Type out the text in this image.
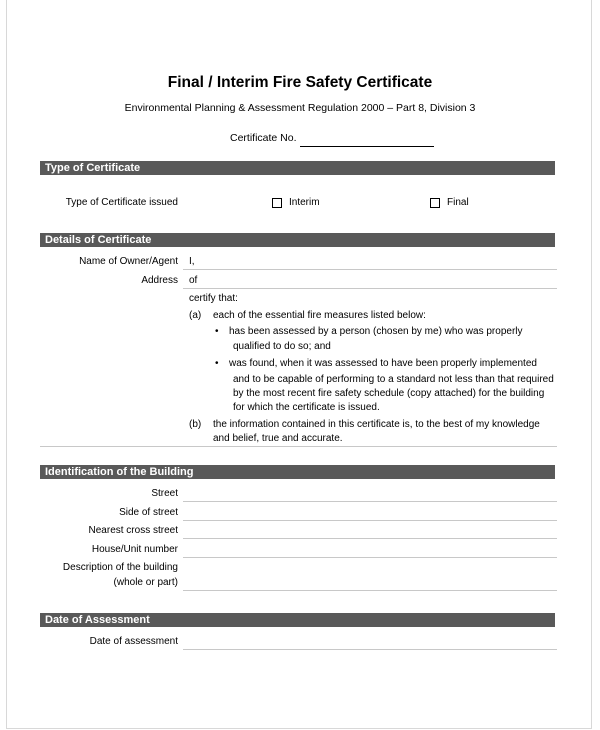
Final / Interim Fire Safety Certificate
Environmental Planning & Assessment Regulation 2000 – Part 8, Division 3
Certificate No.
Type of Certificate
Type of Certificate issued	Interim	Final
Details of Certificate
Name of Owner/Agent I,
Address of
certify that:
(a) each of the essential fire measures listed below:
• has been assessed by a person (chosen by me) who was properly
qualified to do so; and
• was found, when it was assessed to have been properly implemented
and to be capable of performing to a standard not less than that required
by the most recent fire safety schedule (copy attached) for the building
for which the certificate is issued.
(b) the information contained in this certificate is, to the best of my knowledge
and belief, true and accurate.
Identification of the Building
Street
Side of street
Nearest cross street
House/Unit number
Description of the building
(whole or part)
Date of Assessment
Date of assessment
